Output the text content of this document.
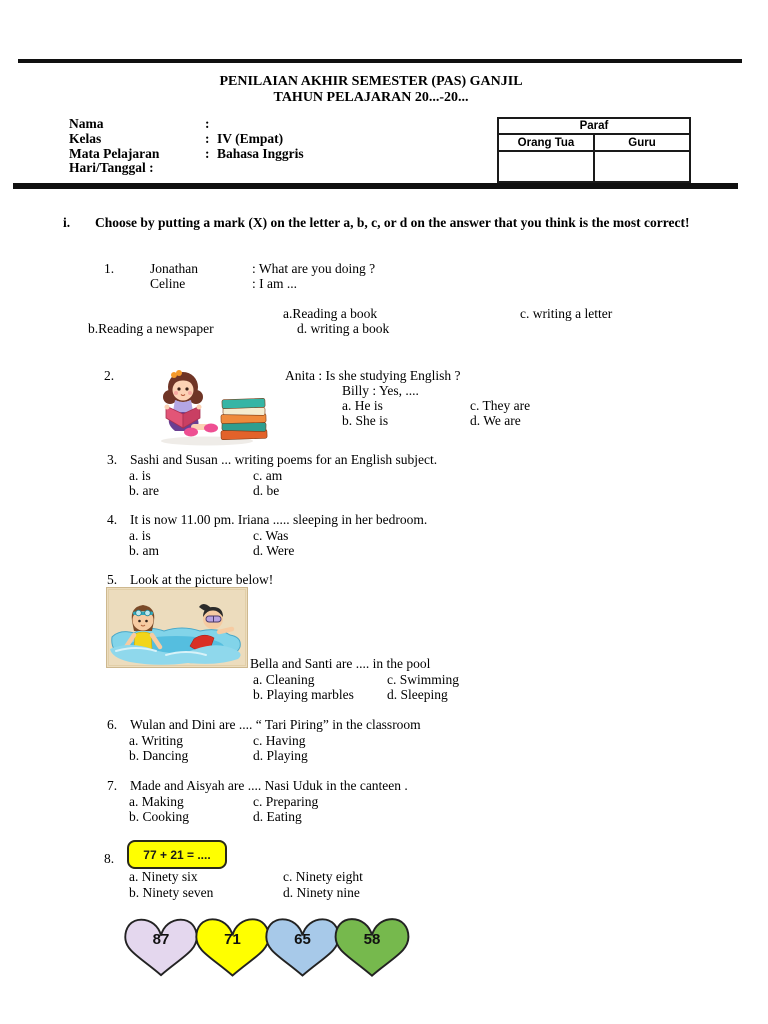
PENILAIAN AKHIR SEMESTER (PAS) GANJIL
TAHUN PELAJARAN 20...-20...
Nama	:
Kelas	: IV (Empat)
Mata Pelajaran	: Bahasa Inggris
Hari/Tanggal :
Paraf	
Orang Tua	Guru

i. Choose by putting a mark (X) on the letter a, b, c, or d on the answer that you think is the most correct!
1.	Jonathan	: What are you doing ?
Celine	: I am ...
a.Reading a book	c. writing a letter
b.Reading a newspaper	d. writing a book
2.	Anita : Is she studying English ?
Billy : Yes, ....
a. He is	c. They are
b. She is	d. We are
3. Sashi and Susan ... writing poems for an English subject.
a. is	c. am
b. are	d. be
4. It is now 11.00 pm. Iriana ..... sleeping in her bedroom.
a. is	c. Was
b. am	d. Were
5. Look at the picture below!
Bella and Santi are .... in the pool
a. Cleaning	c. Swimming
b. Playing marbles d. Sleeping
6. Wulan and Dini are .... “ Tari Piring” in the classroom
a. Writing	c. Having
b. Dancing	d. Playing
7. Made and Aisyah are .... Nasi Uduk in the canteen .
a. Making	c. Preparing
b. Cooking	d. Eating
8. 77 + 21 = ....
a. Ninety six	c. Ninety eight
b. Ninety seven	d. Ninety nine
87	71	65	58
